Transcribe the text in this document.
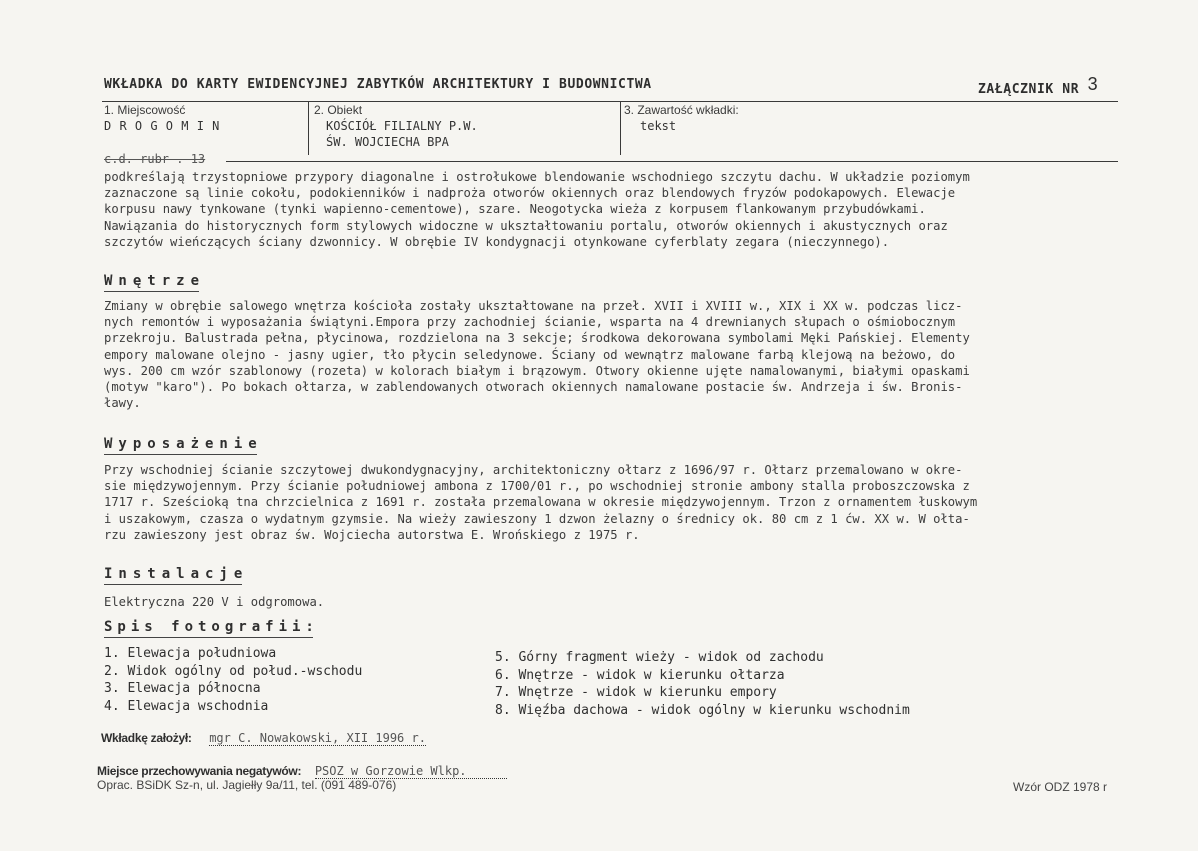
WKŁADKA DO KARTY EWIDENCYJNEJ ZABYTKÓW ARCHITEKTURY I BUDOWNICTWA	ZAŁĄCZNIK NR 3
1. Miejscowość
D R O G O M I N
2. Obiekt
KOŚCIÓŁ FILIALNY P.W.
ŚW. WOJCIECHA BPA
3. Zawartość wkładki:
tekst
c.d. rubr . 13
podkreślają trzystopniowe przypory diagonalne i ostrołukowe blendowanie wschodniego szczytu dachu. W układzie poziomym
zaznaczone są linie cokołu, podokienników i nadproża otworów okiennych oraz blendowych fryzów podokapowych. Elewacje
korpusu nawy tynkowane (tynki wapienno-cementowe), szare. Neogotycka wieża z korpusem flankowanym przybudówkami.
Nawiązania do historycznych form stylowych widoczne w ukształtowaniu portalu, otworów okiennych i akustycznych oraz
szczytów wieńczących ściany dzwonnicy. W obrębie IV kondygnacji otynkowane cyferblaty zegara (nieczynnego).
Wnętrze
Zmiany w obrębie salowego wnętrza kościoła zostały ukształtowane na przeł. XVII i XVIII w., XIX i XX w. podczas licz-
nych remontów i wyposażania świątyni.Empora przy zachodniej ścianie, wsparta na 4 drewnianych słupach o ośmiobocznym
przekroju. Balustrada pełna, płycinowa, rozdzielona na 3 sekcje; środkowa dekorowana symbolami Męki Pańskiej. Elementy
empory malowane olejno - jasny ugier, tło płycin seledynowe. Ściany od wewnątrz malowane farbą klejową na beżowo, do
wys. 200 cm wzór szablonowy (rozeta) w kolorach białym i brązowym. Otwory okienne ujęte namalowanymi, białymi opaskami
(motyw "karo"). Po bokach ołtarza, w zablendowanych otworach okiennych namalowane postacie św. Andrzeja i św. Bronis-
ławy.
Wyposażenie
Przy wschodniej ścianie szczytowej dwukondygnacyjny, architektoniczny ołtarz z 1696/97 r. Ołtarz przemalowano w okre-
sie międzywojennym. Przy ścianie południowej ambona z 1700/01 r., po wschodniej stronie ambony stalla proboszczowska z
1717 r. Sześcioką tna chrzcielnica z 1691 r. została przemalowana w okresie międzywojennym. Trzon z ornamentem łuskowym
i uszakowym, czasza o wydatnym gzymsie. Na wieży zawieszony 1 dzwon żelazny o średnicy ok. 80 cm z 1 ćw. XX w. W ołta-
rzu zawieszony jest obraz św. Wojciecha autorstwa E. Wrońskiego z 1975 r.
Instalacje
Elektryczna 220 V i odgromowa.
Spis fotografii:
1. Elewacja południowa
2. Widok ogólny od połud.-wschodu
3. Elewacja północna
4. Elewacja wschodnia
5. Górny fragment wieży - widok od zachodu
6. Wnętrze - widok w kierunku ołtarza
7. Wnętrze - widok w kierunku empory
8. Więźba dachowa - widok ogólny w kierunku wschodnim
Wkładkę założył: mgr C. Nowakowski, XII 1996 r.
Miejsce przechowywania negatywów: PSOZ w Gorzowie Wlkp.
Oprac. BSiDK Sz-n, ul. Jagiełły 9a/11, tel. (091 489-076)	Wzór ODZ 1978 r
